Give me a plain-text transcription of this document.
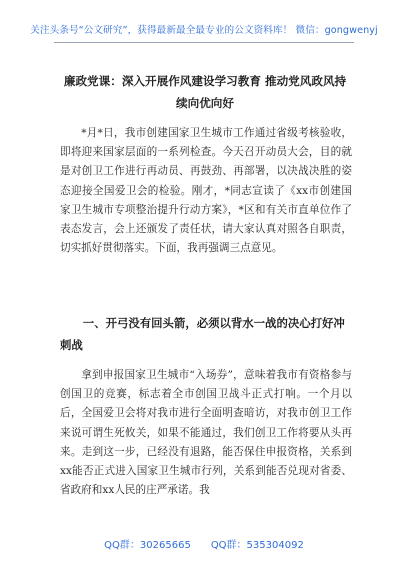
关注头条号“公文研究”，获得最新最全最专业的公文资料库！ 微信：gongwenyj
廉政党课：深入开展作风建设学习教育 推动党风政风持续向优向好
*月*日，我市创建国家卫生城市工作通过省级考核验收，即将迎来国家层面的一系列检查。今天召开动员大会，目的就是对创卫工作进行再动员、再鼓劲、再部署，以决战决胜的姿态迎接全国爱卫会的检验。刚才，*同志宣读了《xx市创建国家卫生城市专项整治提升行动方案》，*区和有关市直单位作了表态发言，会上还颁发了责任状，请大家认真对照各自职责，切实抓好贯彻落实。下面，我再强调三点意见。
一、开弓没有回头箭，必须以背水一战的决心打好冲刺战
拿到申报国家卫生城市“入场券”，意味着我市有资格参与创国卫的竞赛，标志着全市创国卫战斗正式打响。一个月以后，全国爱卫会将对我市进行全面明查暗访，对我市创卫工作来说可谓生死攸关，如果不能通过，我们创卫工作将要从头再来。走到这一步，已经没有退路，能否保住申报资格，关系到xx能否正式进入国家卫生城市行列，关系到能否兑现对省委、省政府和xx人民的庄严承诺。我
QQ群：30265665 QQ群：535304092
